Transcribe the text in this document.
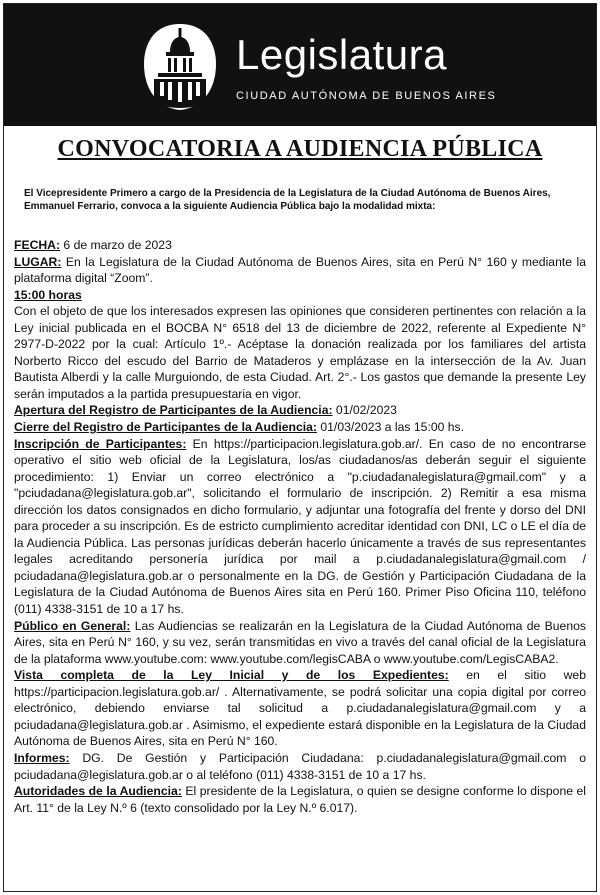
Legislatura
CIUDAD AUTÓNOMA DE BUENOS AIRES
CONVOCATORIA A AUDIENCIA PÚBLICA
El Vicepresidente Primero a cargo de la Presidencia de la Legislatura de la Ciudad Autónoma de Buenos Aires, Emmanuel Ferrario, convoca a la siguiente Audiencia Pública bajo la modalidad mixta:

FECHA: 6 de marzo de 2023

LUGAR: En la Legislatura de la Ciudad Autónoma de Buenos Aires, sita en Perú N° 160 y mediante la plataforma digital “Zoom”.

15:00 horas

Con el objeto de que los interesados expresen las opiniones que consideren pertinentes con relación a la Ley inicial publicada en el BOCBA N° 6518 del 13 de diciembre de 2022, referente al Expediente N° 2977-D-2022 por la cual: Artículo 1º.- Acéptase la donación realizada por los familiares del artista Norberto Ricco del escudo del Barrio de Mataderos y emplázase en la intersección de la Av. Juan Bautista Alberdi y la calle Murguiondo, de esta Ciudad. Art. 2°.- Los gastos que demande la presente Ley serán imputados a la partida presupuestaria en vigor.

Apertura del Registro de Participantes de la Audiencia: 01/02/2023

Cierre del Registro de Participantes de la Audiencia: 01/03/2023 a las 15:00 hs.

Inscripción de Participantes: En https://participacion.legislatura.gob.ar/. En caso de no encontrarse operativo el sitio web oficial de la Legislatura, los/as ciudadanos/as deberán seguir el siguiente procedimiento: 1) Enviar un correo electrónico a "p.ciudadanalegislatura@gmail.com" y a "pciudadana@legislatura.gob.ar", solicitando el formulario de inscripción. 2) Remitir a esa misma dirección los datos consignados en dicho formulario, y adjuntar una fotografía del frente y dorso del DNI para proceder a su inscripción. Es de estricto cumplimiento acreditar identidad con DNI, LC o LE el día de la Audiencia Pública. Las personas jurídicas deberán hacerlo únicamente a través de sus representantes legales acreditando personería jurídica por mail a p.ciudadanalegislatura@gmail.com / pciudadana@legislatura.gob.ar o personalmente en la DG. de Gestión y Participación Ciudadana de la Legislatura de la Ciudad Autónoma de Buenos Aires sita en Perú 160. Primer Piso Oficina 110, teléfono (011) 4338-3151 de 10 a 17 hs.

Público en General: Las Audiencias se realizarán en la Legislatura de la Ciudad Autónoma de Buenos Aires, sita en Perú N° 160, y su vez, serán transmitidas en vivo a través del canal oficial de la Legislatura de la plataforma www.youtube.com: www.youtube.com/legisCABA o www.youtube.com/LegisCABA2.

Vista completa de la Ley Inicial y de los Expedientes: en el sitio web https://participacion.legislatura.gob.ar/ . Alternativamente, se podrá solicitar una copia digital por correo electrónico, debiendo enviarse tal solicitud a p.ciudadanalegislatura@gmail.com y a pciudadana@legislatura.gob.ar . Asimismo, el expediente estará disponible en la Legislatura de la Ciudad Autónoma de Buenos Aires, sita en Perú N° 160.

Informes: DG. De Gestión y Participación Ciudadana: p.ciudadanalegislatura@gmail.com o pciudadana@legislatura.gob.ar o al teléfono (011) 4338-3151 de 10 a 17 hs.

Autoridades de la Audiencia: El presidente de la Legislatura, o quien se designe conforme lo dispone el Art. 11° de la Ley N.º 6 (texto consolidado por la Ley N.º 6.017).
